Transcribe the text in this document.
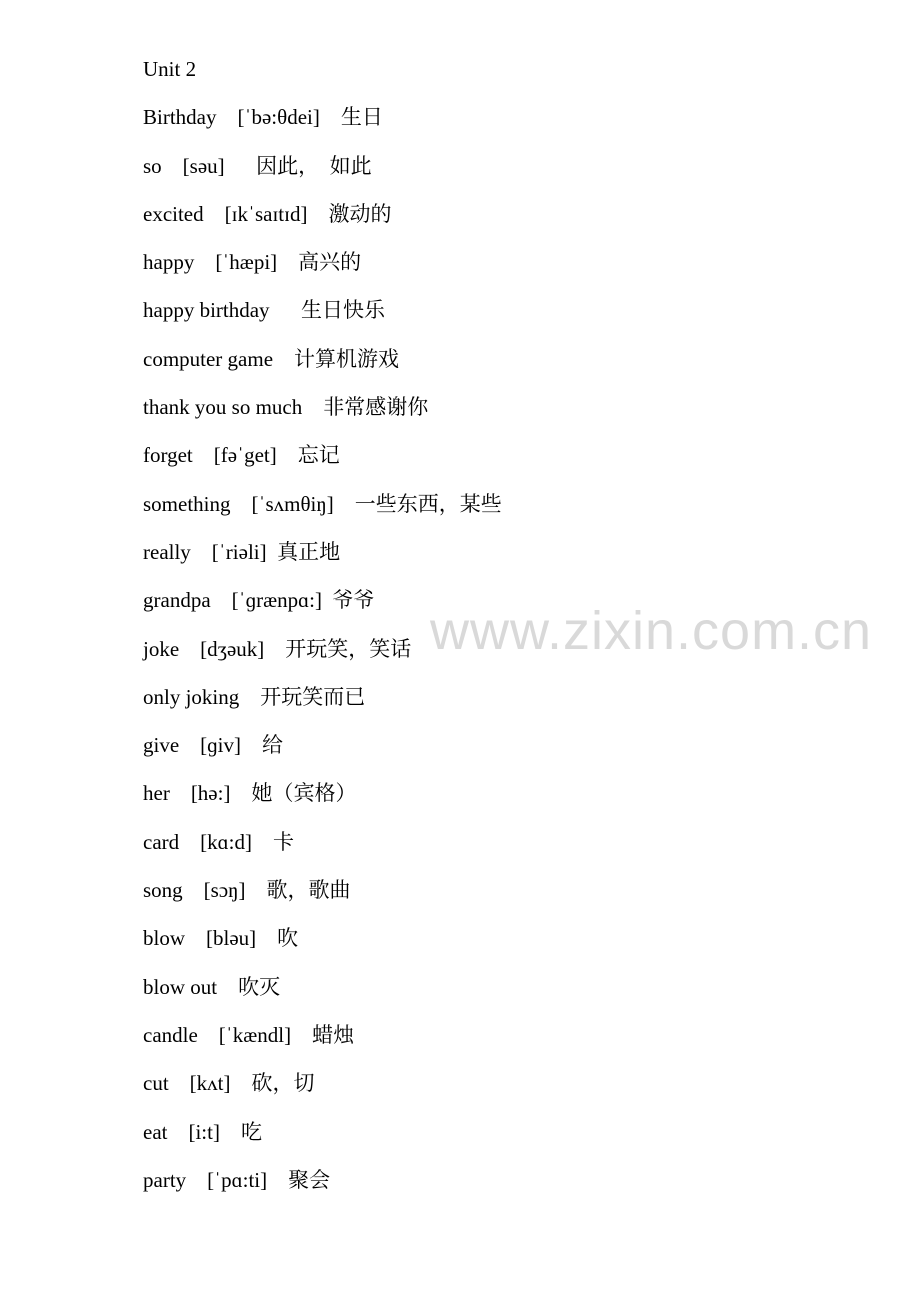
www.zixin.com.cn
Unit 2
Birthday    [ˈbə:θdei]    生日
so    [səu]      因此，  如此
excited    [ɪkˈsaɪtɪd]    激动的
happy    [ˈhæpi]    高兴的
happy birthday      生日快乐
computer game    计算机游戏
thank you so much    非常感谢你
forget    [fəˈget]    忘记
something    [ˈsʌmθiŋ]    一些东西，某些
really    [ˈriəli]  真正地
grandpa    [ˈɡrænpɑ:]  爷爷
joke    [dʒəuk]    开玩笑，笑话
only joking    开玩笑而已
give    [ɡiv]    给
her    [hə:]    她（宾格）
card    [kɑ:d]    卡
song    [sɔŋ]    歌，歌曲
blow    [bləu]    吹
blow out    吹灭
candle    [ˈkændl]    蜡烛
cut    [kʌt]    砍，切
eat    [i:t]    吃
party    [ˈpɑ:ti]    聚会
